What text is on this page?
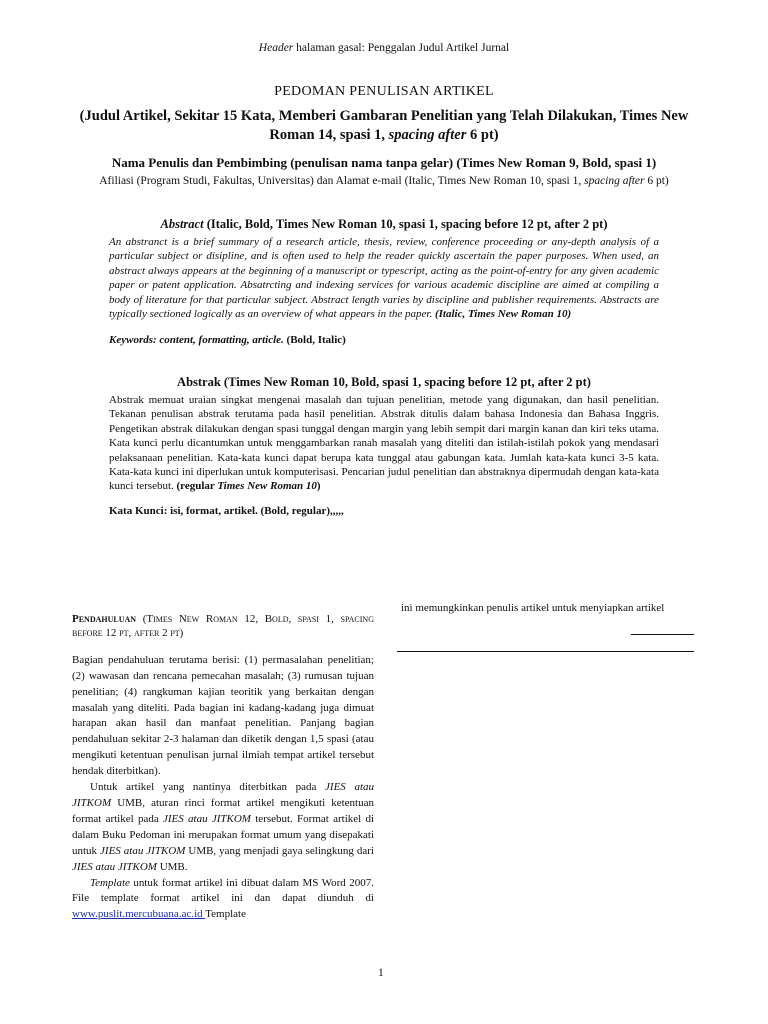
Header halaman gasal: Penggalan Judul Artikel Jurnal
PEDOMAN PENULISAN ARTIKEL
(Judul Artikel, Sekitar 15 Kata, Memberi Gambaran Penelitian yang Telah Dilakukan, Times New Roman 14, spasi 1, spacing after 6 pt)
Nama Penulis dan Pembimbing (penulisan nama tanpa gelar) (Times New Roman 9, Bold, spasi 1)
Afiliasi (Program Studi, Fakultas, Universitas) dan Alamat e-mail (Italic, Times New Roman 10, spasi 1, spacing after 6 pt)
Abstract (Italic, Bold, Times New Roman 10, spasi 1, spacing before 12 pt, after 2 pt)
An abstranct is a brief summary of a research article, thesis, review, conference proceeding or any-depth analysis of a particular subject or disipline, and is often used to help the reader quickly ascertain the paper purposes. When used, an abstract always appears at the beginning of a manuscript or typescript, acting as the point-of-entry for any given academic paper or patent application. Absatrcting and indexing services for various academic discipline are aimed at compiling a body of literature for that particular subject. Abstract length varies by discipline and publisher requirements. Abstracts are typically sectioned logically as an overview of what appears in the paper. (Italic, Times New Roman 10)
Keywords: content, formatting, article. (Bold, Italic)
Abstrak (Times New Roman 10, Bold, spasi 1, spacing before 12 pt, after 2 pt)
Abstrak memuat uraian singkat mengenai masalah dan tujuan penelitian, metode yang digunakan, dan hasil penelitian. Tekanan penulisan abstrak terutama pada hasil penelitian. Abstrak ditulis dalam bahasa Indonesia dan Bahasa Inggris. Pengetikan abstrak dilakukan dengan spasi tunggal dengan margin yang lebih sempit dari margin kanan dan kiri teks utama. Kata kunci perlu dicantumkan untuk menggambarkan ranah masalah yang diteliti dan istilah-istilah pokok yang mendasari pelaksanaan penelitian. Kata-kata kunci dapat berupa kata tunggal atau gabungan kata. Jumlah kata-kata kunci 3-5 kata. Kata-kata kunci ini diperlukan untuk komputerisasi. Pencarian judul penelitian dan abstraknya dipermudah dengan kata-kata kunci tersebut. (regular Times New Roman 10)
Kata Kunci: isi, format, artikel. (Bold, regular),,,,,
Pendahuluan (Times New Roman 12, Bold, spasi 1, spacing before 12 pt, after 2 pt)

Bagian pendahuluan terutama berisi: (1) permasalahan penelitian; (2) wawasan dan rencana pemecahan masalah; (3) rumusan tujuan penelitian; (4) rangkuman kajian teoritik yang berkaitan dengan masalah yang diteliti. Pada bagian ini kadang-kadang juga dimuat harapan akan hasil dan manfaat penelitian. Panjang bagian pendahuluan sekitar 2-3 halaman dan diketik dengan 1,5 spasi (atau mengikuti ketentuan penulisan jurnal ilmiah tempat artikel tersebut hendak diterbitkan).

Untuk artikel yang nantinya diterbitkan pada JIES atau JITKOM UMB, aturan rinci format artikel mengikuti ketentuan format artikel pada JIES atau JITKOM tersebut. Format artikel di dalam Buku Pedoman ini merupakan format umum yang disepakati untuk JIES atau JITKOM UMB, yang menjadi gaya selingkung dari JIES atau JITKOM UMB.

Template untuk format artikel ini dibuat dalam MS Word 2007. File template format artikel ini dan dapat diunduh di www.puslit.mercubuana.ac.id Template

ini memungkinkan penulis artikel untuk menyiapkan artikel
1
